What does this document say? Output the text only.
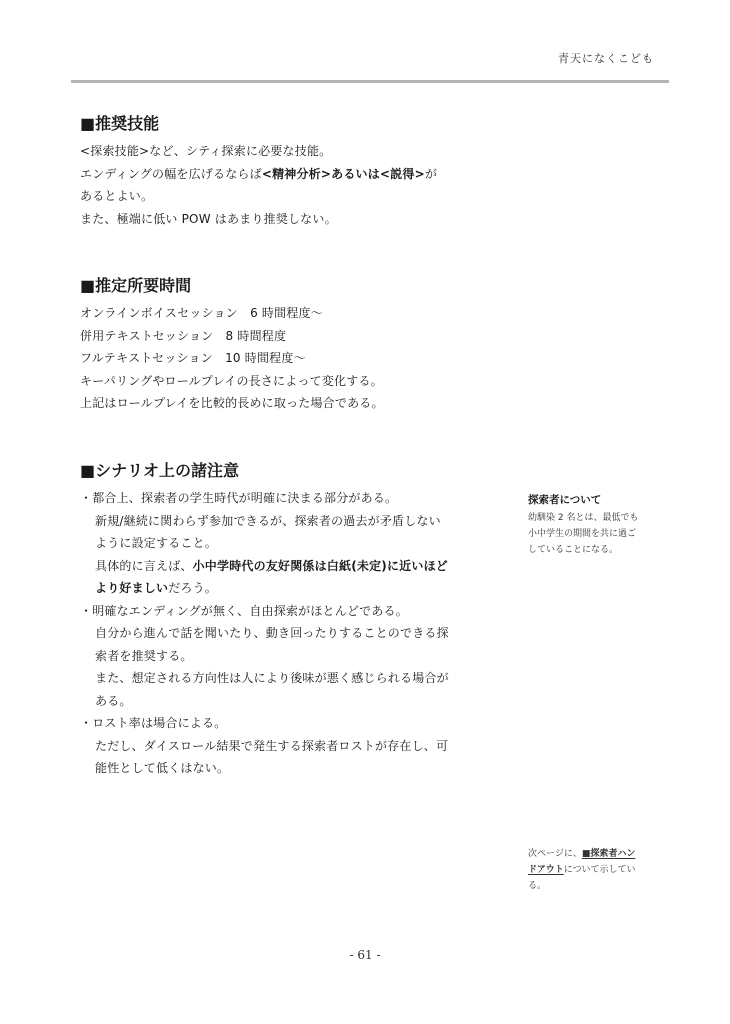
青天になくこども
■推奨技能
<探索技能>など、シティ探索に必要な技能。
エンディングの幅を広げるならば<精神分析>あるいは<説得>が
あるとよい。
また、極端に低い POW はあまり推奨しない。
■推定所要時間
オンラインボイスセッション　6 時間程度～
併用テキストセッション　8 時間程度
フルテキストセッション　10 時間程度～
キーパリングやロールプレイの長さによって変化する。
上記はロールプレイを比較的長めに取った場合である。
■シナリオ上の諸注意
・都合上、探索者の学生時代が明確に決まる部分がある。
新規/継続に関わらず参加できるが、探索者の過去が矛盾しない
ように設定すること。
具体的に言えば、小中学時代の友好関係は白紙(未定)に近いほど
より好ましいだろう。
・明確なエンディングが無く、自由探索がほとんどである。
自分から進んで話を聞いたり、動き回ったりすることのできる探
索者を推奨する。
また、想定される方向性は人により後味が悪く感じられる場合が
ある。
・ロスト率は場合による。
ただし、ダイスロール結果で発生する探索者ロストが存在し、可
能性として低くはない。
探索者について
幼馴染 2 名とは、最低でも
小中学生の期間を共に過ご
していることになる。
次ページに、■探索者ハン
ドアウトについて示してい
る。
- 61 -
